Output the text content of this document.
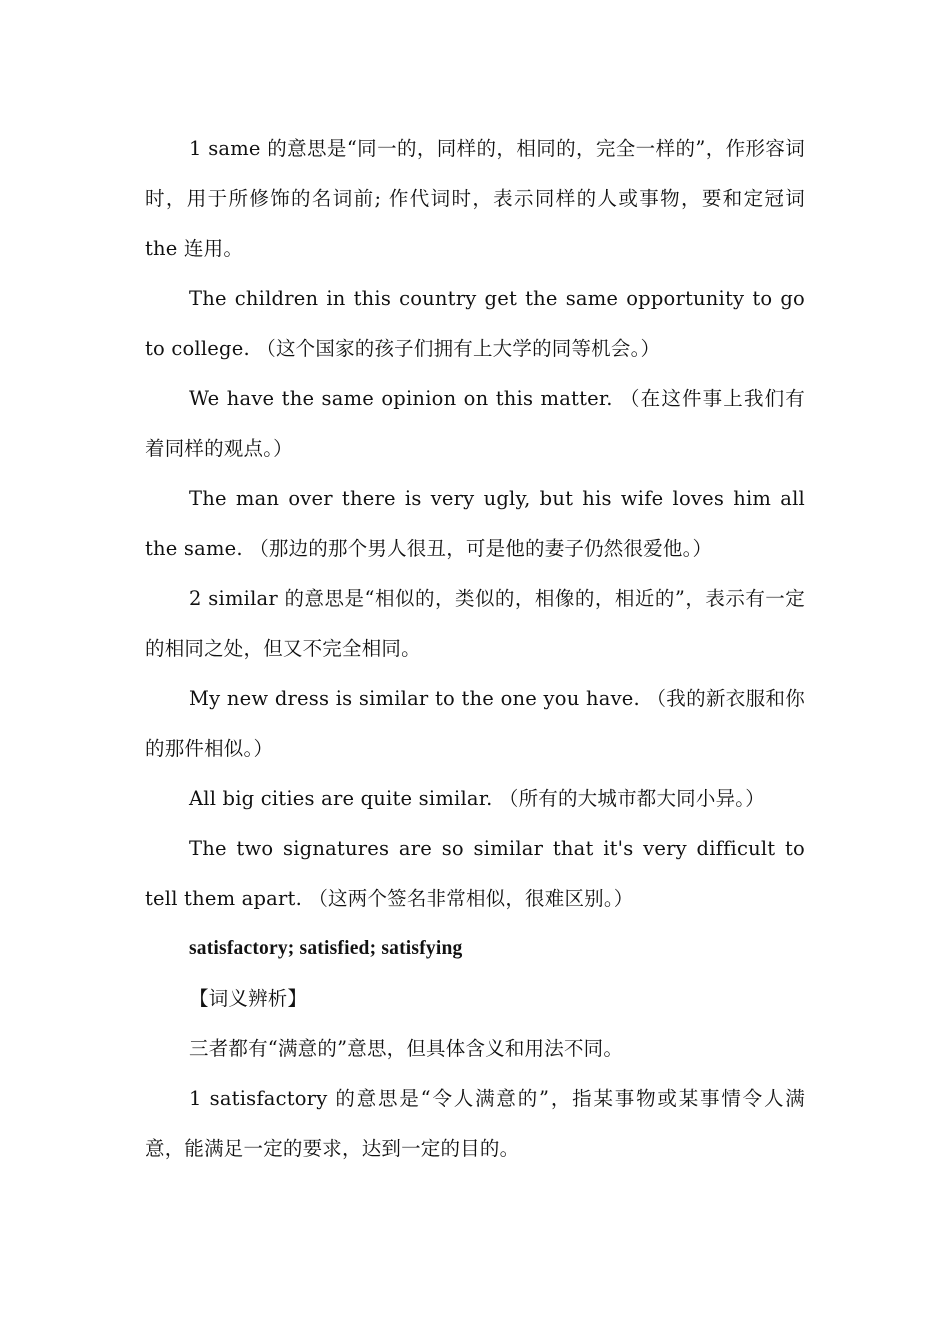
1 same 的意思是“同一的，同样的，相同的，完全一样的”，作形容词时，用于所修饰的名词前; 作代词时，表示同样的人或事物，要和定冠词 the 连用。

The children in this country get the same opportunity to go to college. （这个国家的孩子们拥有上大学的同等机会。）

We have the same opinion on this matter. （在这件事上我们有着同样的观点。）

The man over there is very ugly, but his wife loves him all the same. （那边的那个男人很丑，可是他的妻子仍然很爱他。）

2 similar 的意思是“相似的，类似的，相像的，相近的”，表示有一定的相同之处，但又不完全相同。

My new dress is similar to the one you have. （我的新衣服和你的那件相似。）

All big cities are quite similar. （所有的大城市都大同小异。）

The two signatures are so similar that it's very difficult to tell them apart. （这两个签名非常相似，很难区别。）

satisfactory; satisfied; satisfying

【词义辨析】

三者都有“满意的”意思，但具体含义和用法不同。

1 satisfactory 的意思是“令人满意的”，指某事物或某事情令人满意，能满足一定的要求，达到一定的目的。
